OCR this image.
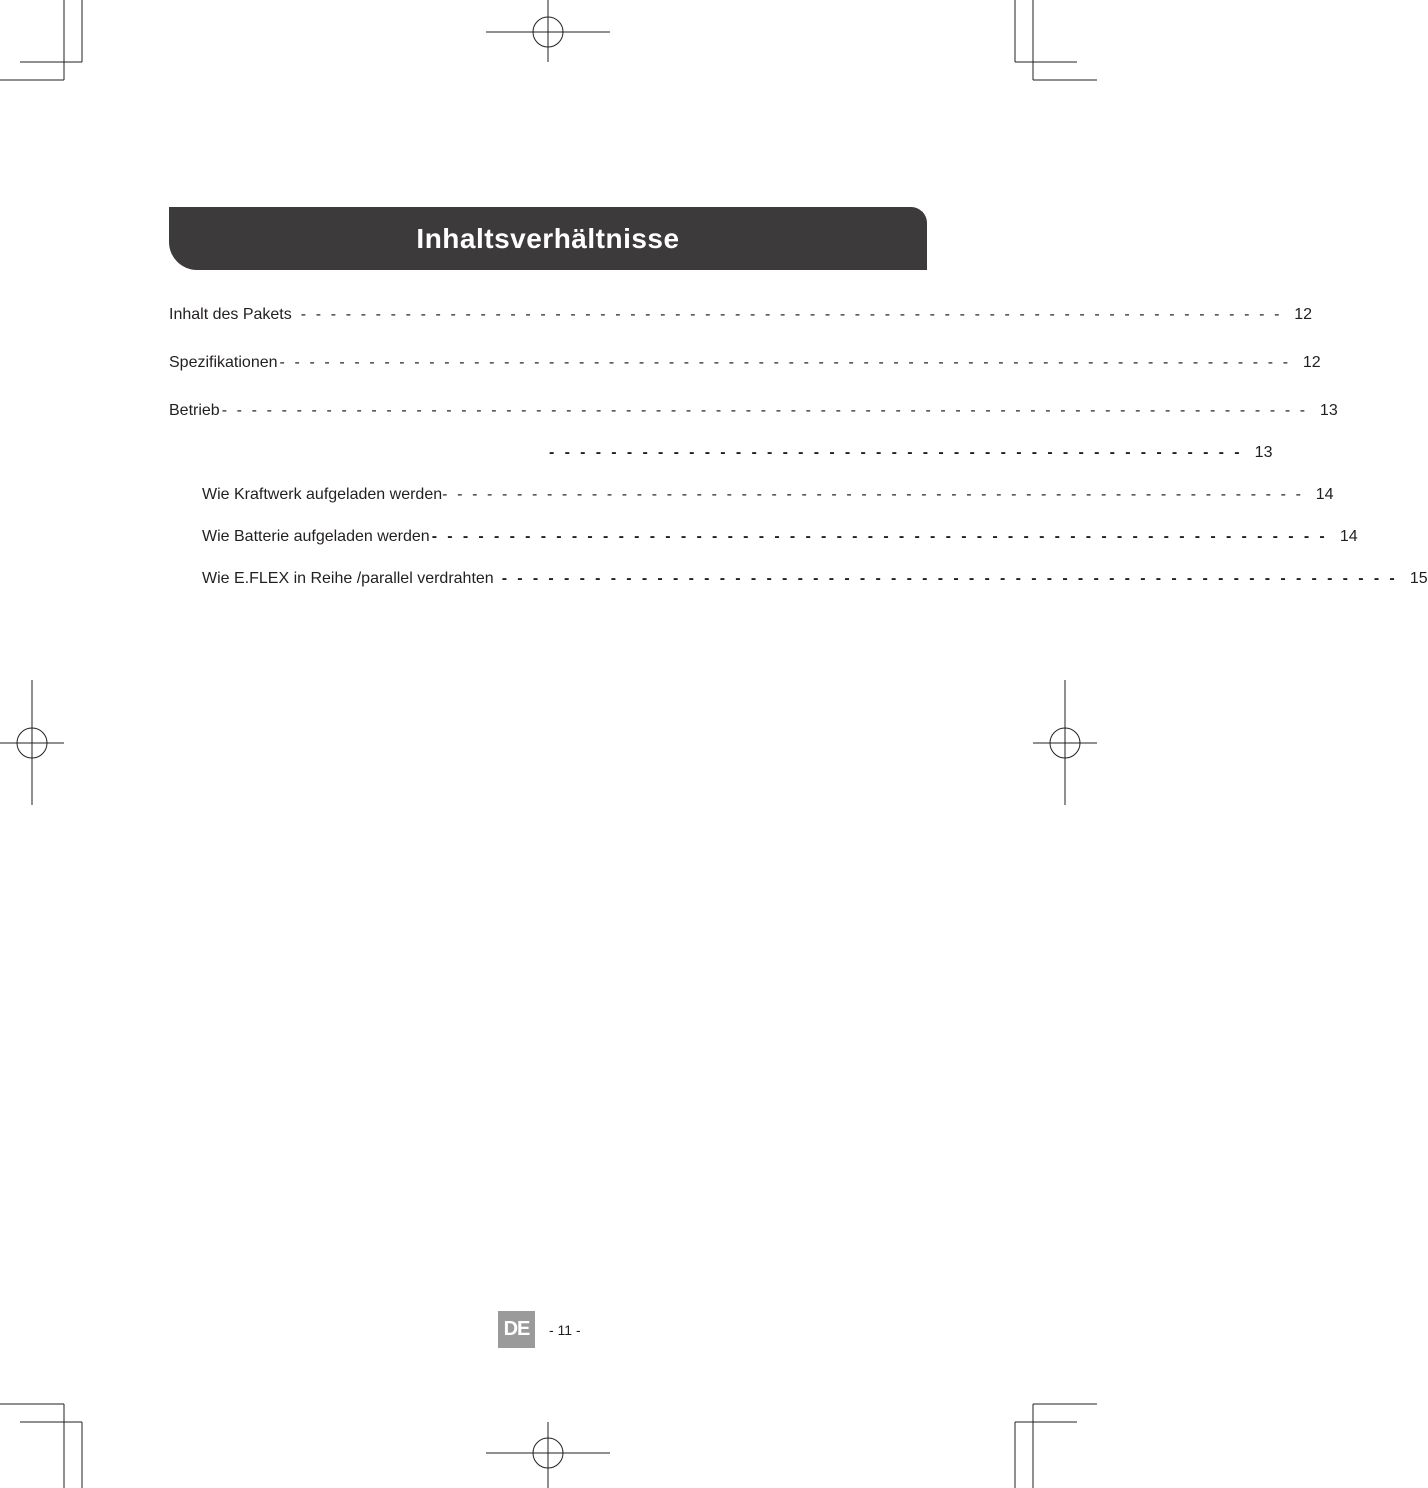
Inhaltsverhältnisse
Inhalt des Pakets - - - - - - - - - - - - - - - - - - - - - - - - - - - - - - - - - - - - - - - - - - - - - - - - - - - - - - - - - - - - - - - - - - 12
Spezifikationen - - - - - - - - - - - - - - - - - - - - - - - - - - - - - - - - - - - - - - - - - - - - - - - - - - - - - - - - - - - - - - - - - - - - 12
Betrieb - - - - - - - - - - - - - - - - - - - - - - - - - - - - - - - - - - - - - - - - - - - - - - - - - - - - - - - - - - - - - - - - - - - - - - - - - 13
- - - - - - - - - - - - - - - - - - - - - - - - - - - - - - - - - - - - - - - - - - - - - 13
Wie Kraftwerk aufgeladen werden - - - - - - - - - - - - - - - - - - - - - - - - - - - - - - - - - - - - - - - - - - - - - - - - - - - - - - - - - - 14
Wie Batterie aufgeladen werden - - - - - - - - - - - - - - - - - - - - - - - - - - - - - - - - - - - - - - - - - - - - - - - - - - - - - - - - - - 14
Wie E.FLEX in Reihe /parallel verdrahten - - - - - - - - - - - - - - - - - - - - - - - - - - - - - - - - - - - - - - - - - - - - - - - - - - - - - - - - - - 15
DE	- 11 -
